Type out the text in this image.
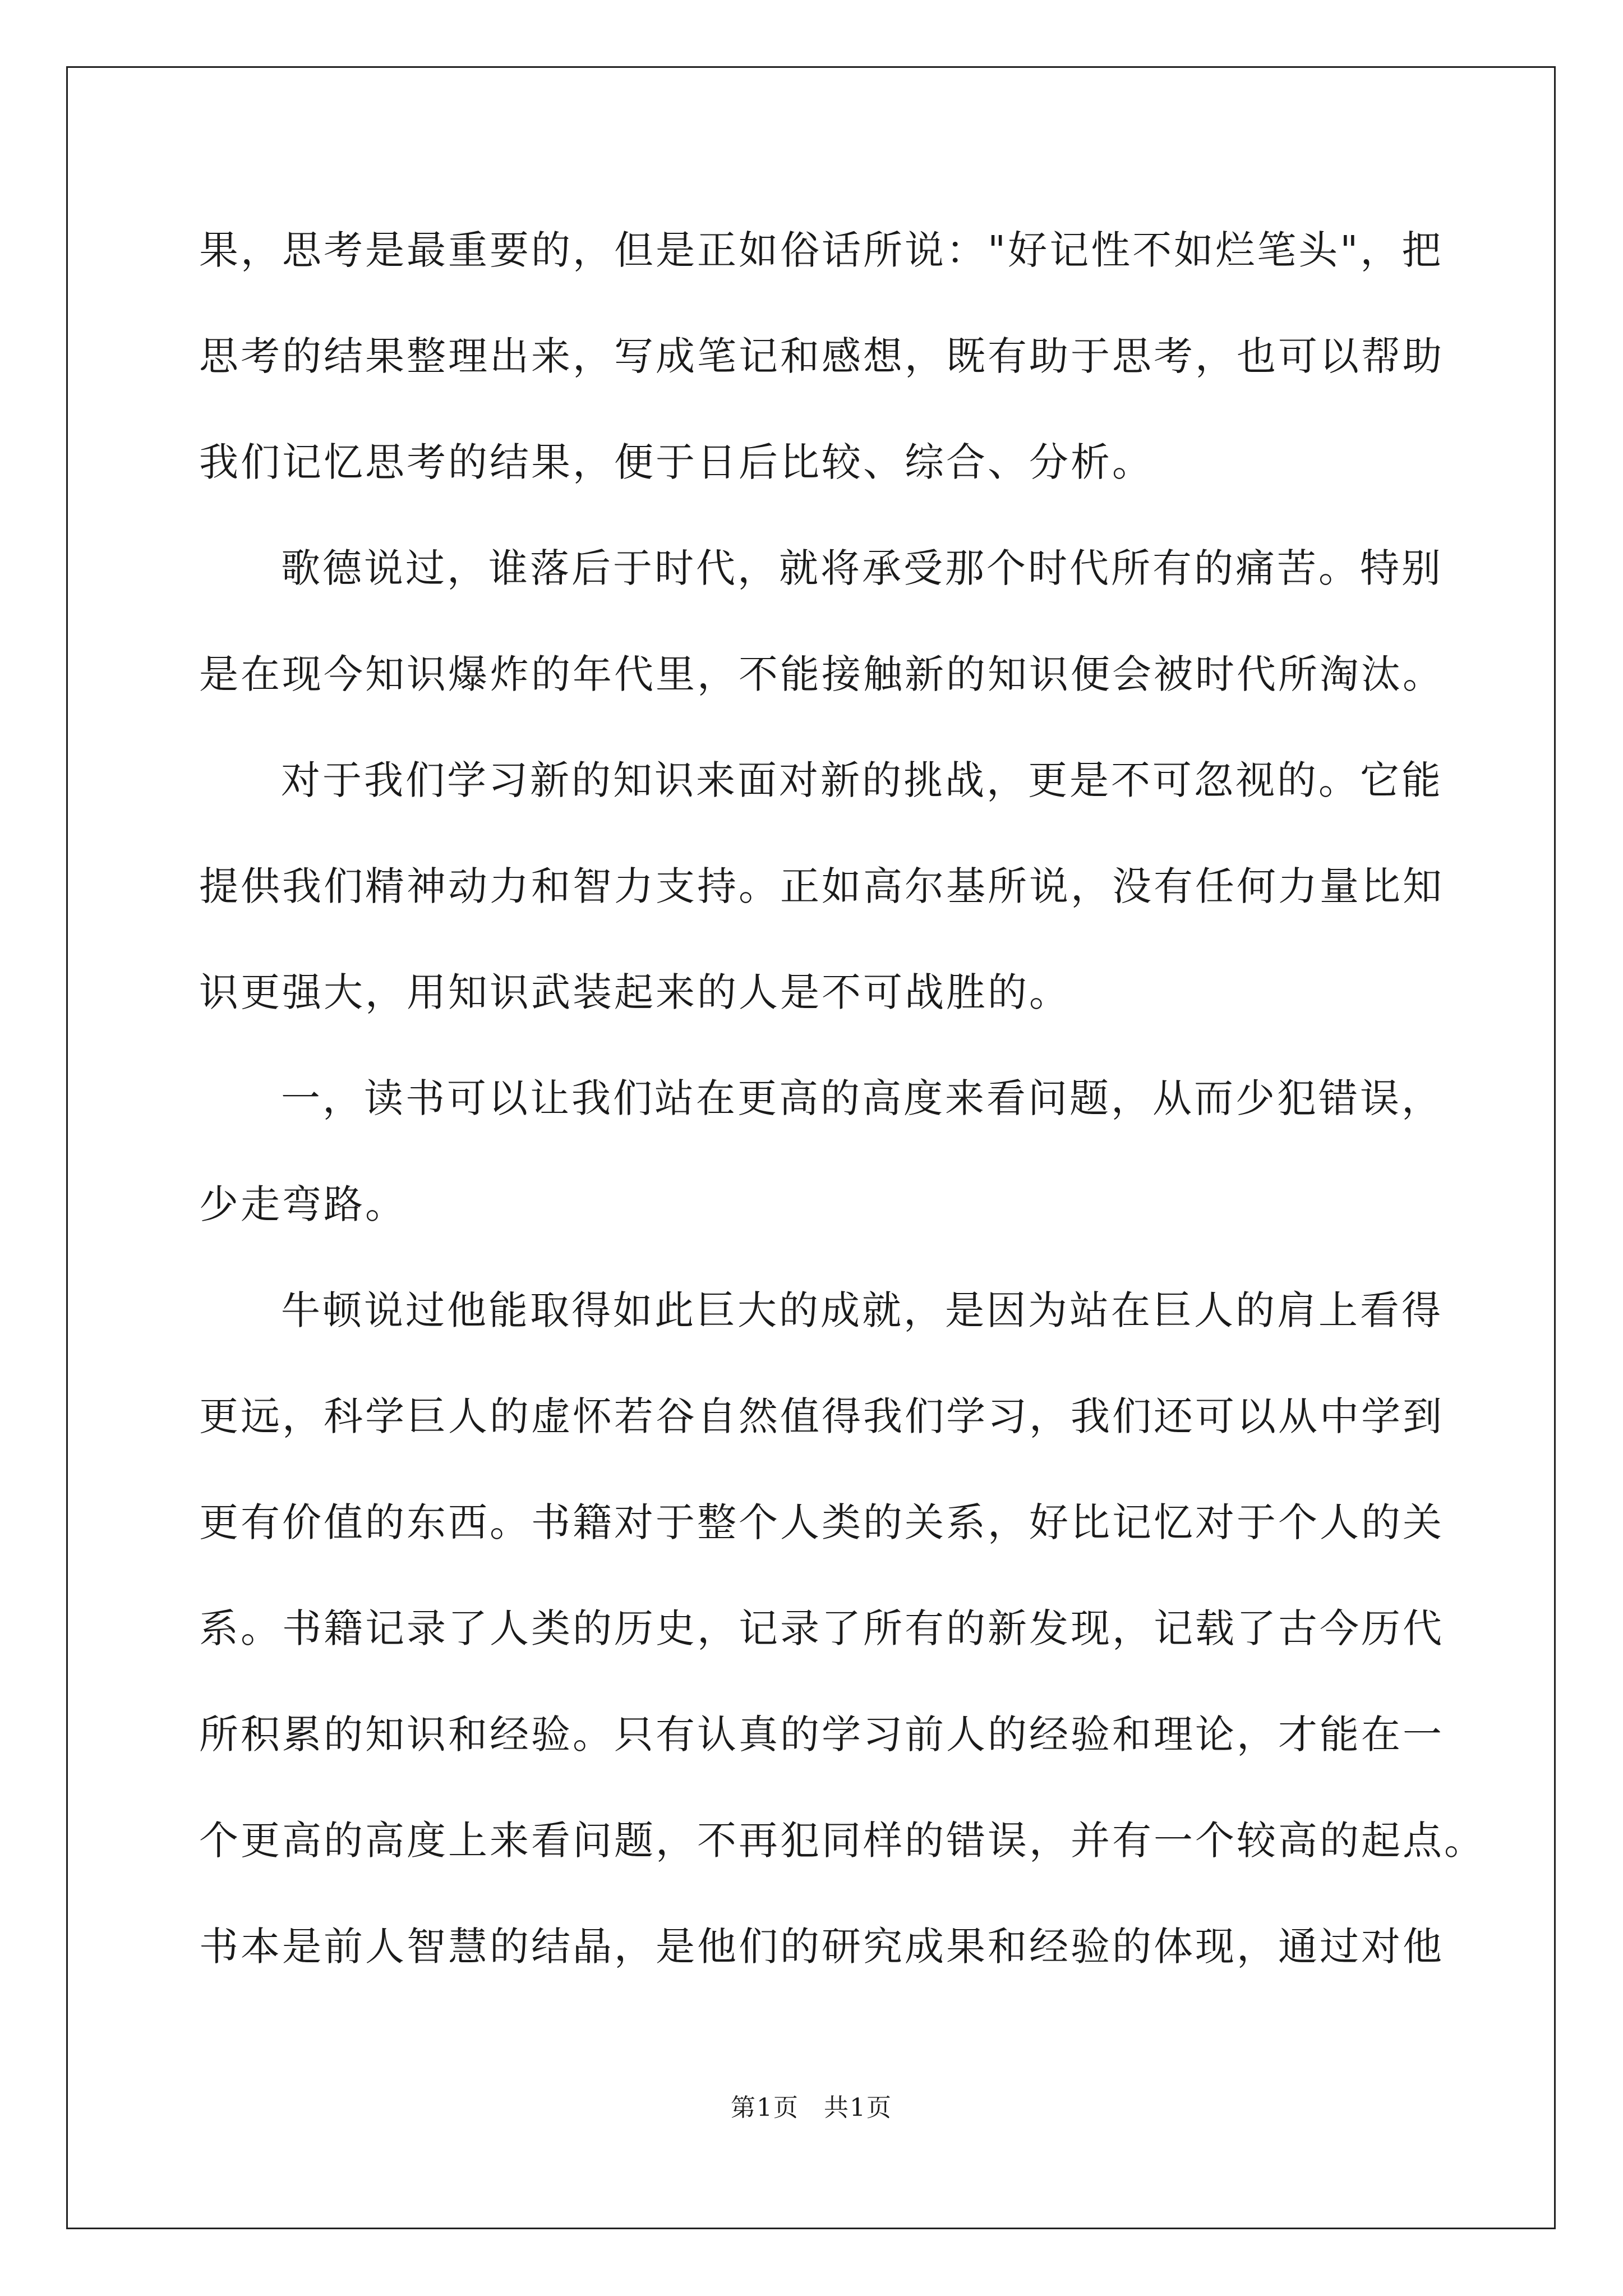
果，思考是最重要的，但是正如俗话所说："好记性不如烂笔头"，把
思考的结果整理出来，写成笔记和感想，既有助于思考，也可以帮助
我们记忆思考的结果，便于日后比较、综合、分析。
歌德说过，谁落后于时代，就将承受那个时代所有的痛苦。特别
是在现今知识爆炸的年代里，不能接触新的知识便会被时代所淘汰。
对于我们学习新的知识来面对新的挑战，更是不可忽视的。它能
提供我们精神动力和智力支持。正如高尔基所说，没有任何力量比知
识更强大，用知识武装起来的人是不可战胜的。
一，读书可以让我们站在更高的高度来看问题，从而少犯错误，
少走弯路。
牛顿说过他能取得如此巨大的成就，是因为站在巨人的肩上看得
更远，科学巨人的虚怀若谷自然值得我们学习，我们还可以从中学到
更有价值的东西。书籍对于整个人类的关系，好比记忆对于个人的关
系。书籍记录了人类的历史，记录了所有的新发现，记载了古今历代
所积累的知识和经验。只有认真的学习前人的经验和理论，才能在一
个更高的高度上来看问题，不再犯同样的错误，并有一个较高的起点。
书本是前人智慧的结晶，是他们的研究成果和经验的体现，通过对他
第1页 共1页
